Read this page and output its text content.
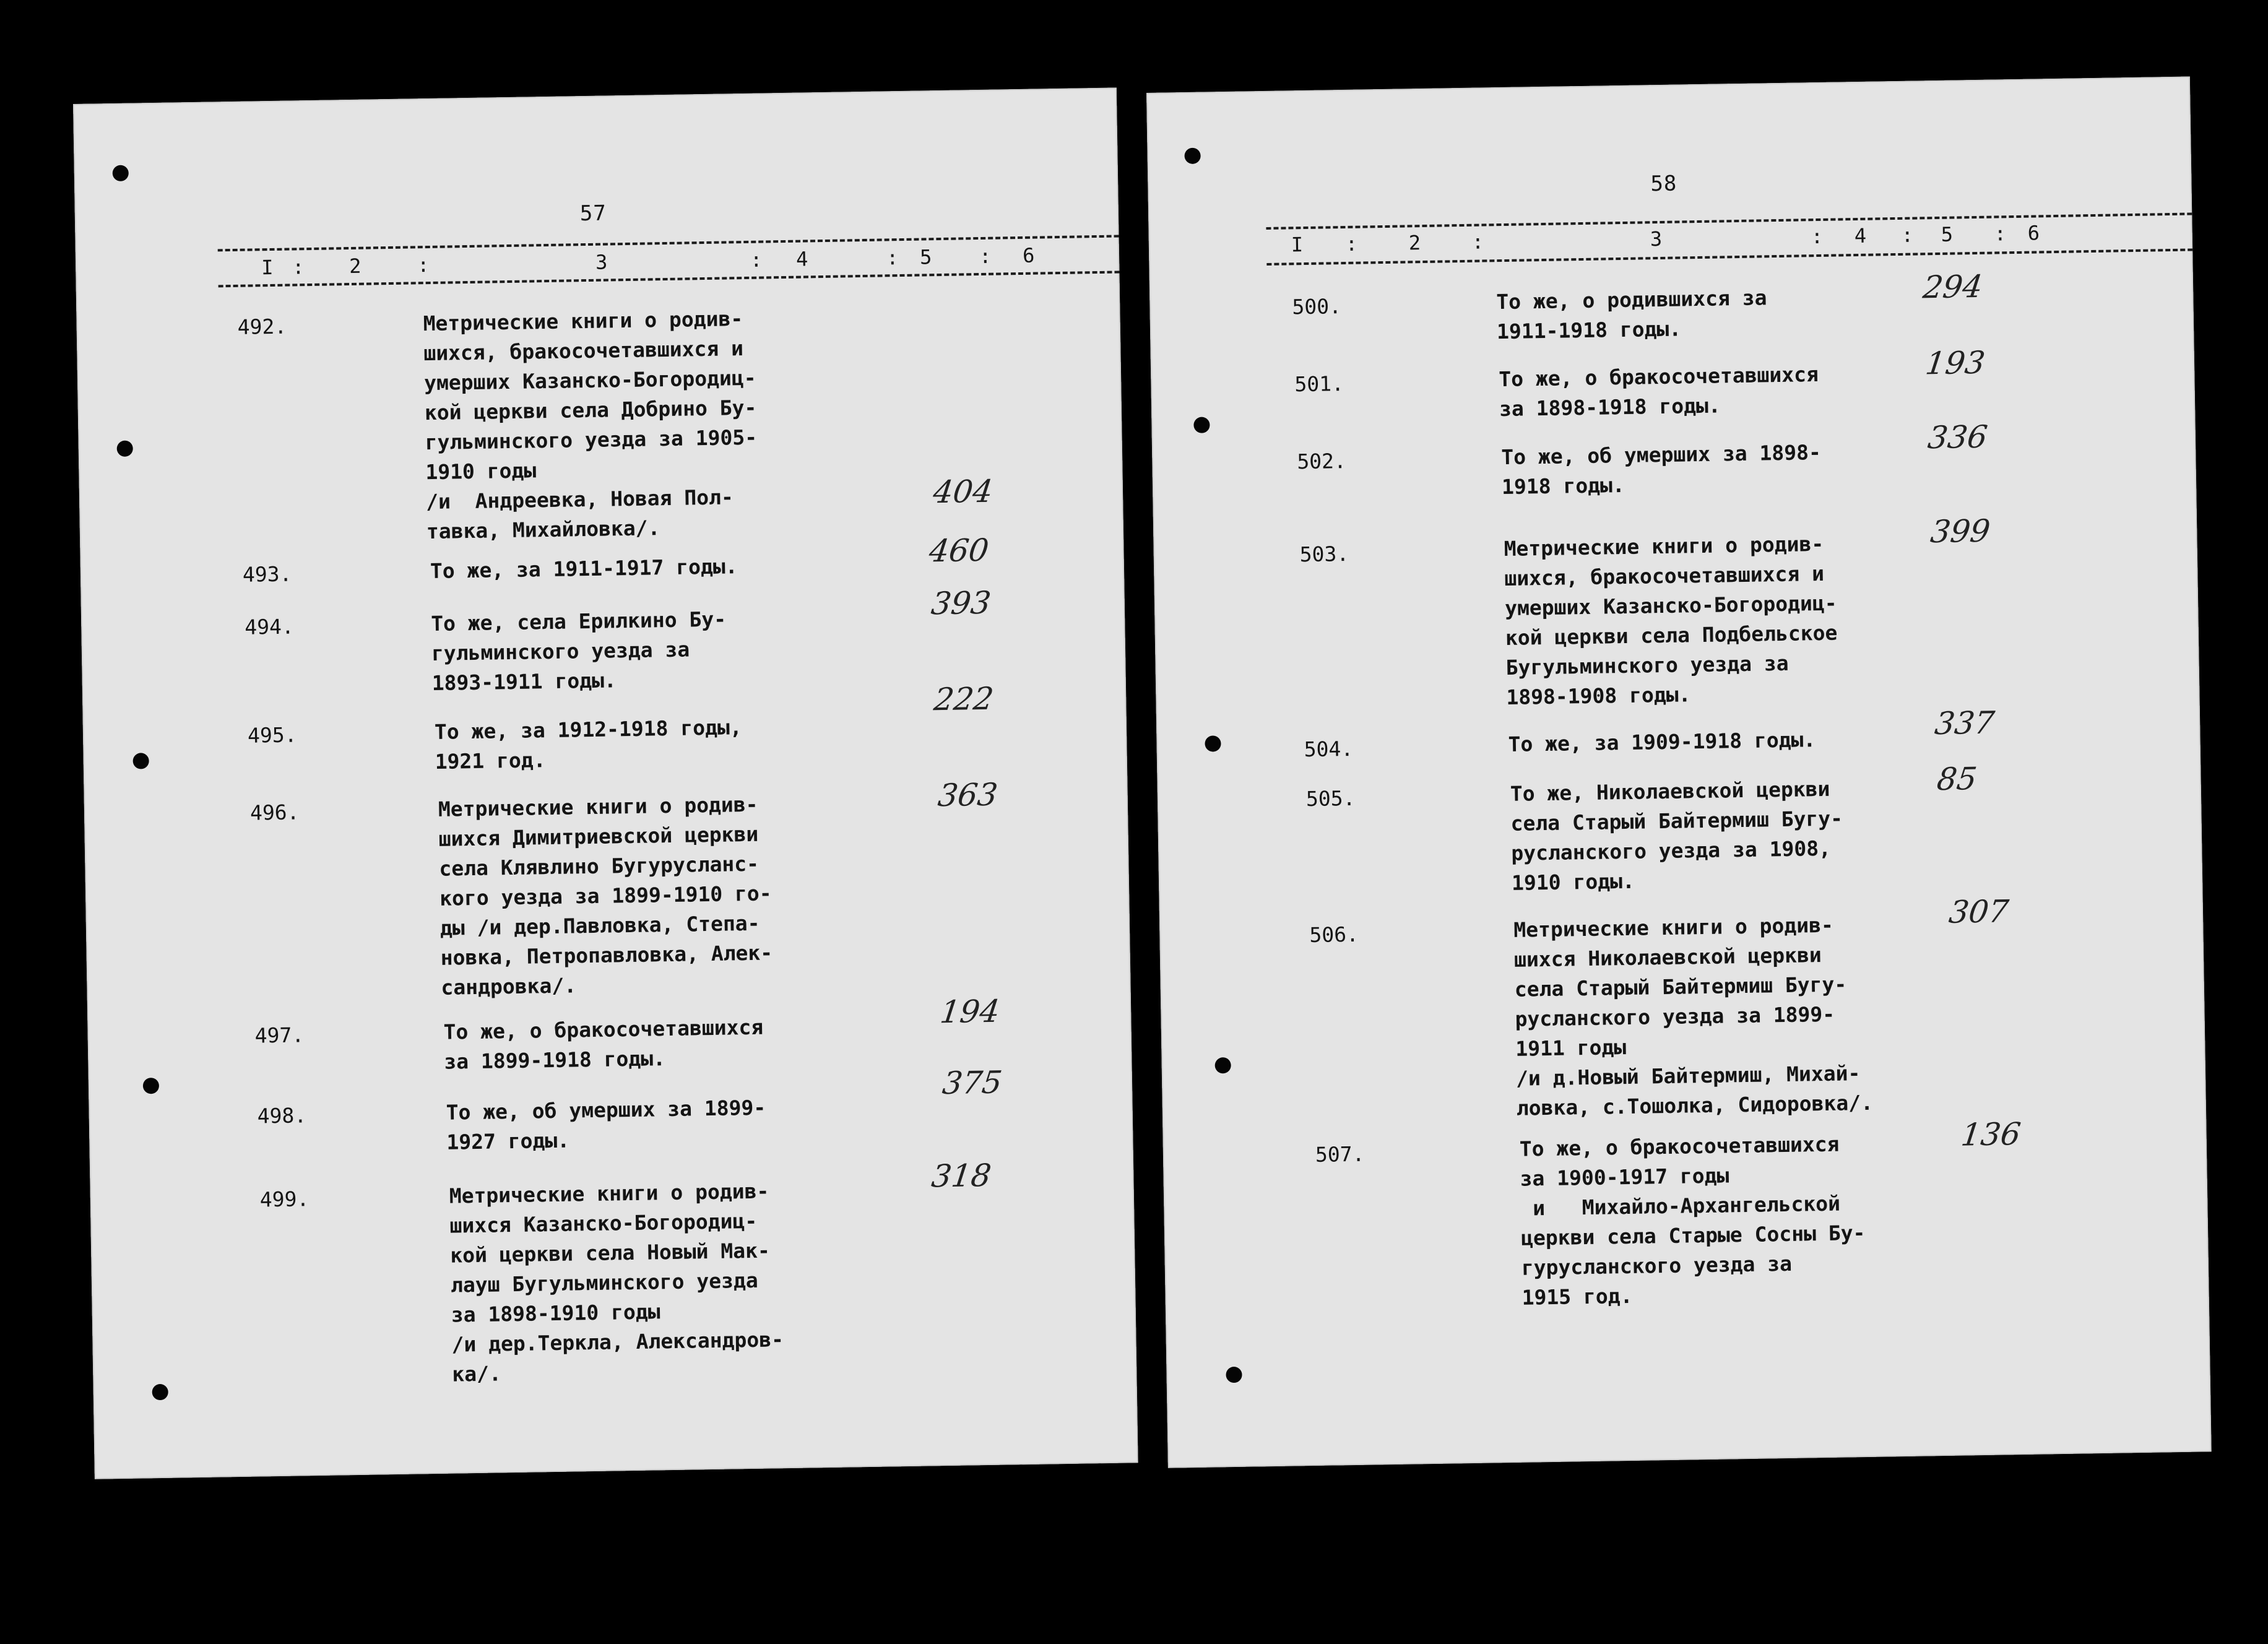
57
I	2	3	4	5	6
:	:	:	:	:
492.	Метрические книги о родив-
шихся, бракосочетавшихся и
умерших Казанско-Богородиц-
кой церкви села Добрино Бу-
гульминского уезда за 1905-
1910 годы
/и  Андреевка, Новая Пол-
тавка, Михайловка/.
404
493.	То же, за 1911-1917 годы.	460
494.	То же, села Ерилкино Бу-
гульминского уезда за
1893-1911 годы.
393
495.	То же, за 1912-1918 годы,
1921 год.
222
496.	Метрические книги о родив-
шихся Димитриевской церкви
села Клявлино Бугурусланс-
кого уезда за 1899-1910 го-
ды /и дер.Павловка, Степа-
новка, Петропавловка, Алек-
сандровка/.
363
497.	То же, о бракосочетавшихся
за 1899-1918 годы.
194
498.	То же, об умерших за 1899-
1927 годы.
375
499.	Метрические книги о родив-
шихся Казанско-Богородиц-
кой церкви села Новый Мак-
лауш Бугульминского уезда
за 1898-1910 годы
/и дер.Теркла, Александров-
ка/.
318
58
I	2	3	4	5	6
:	:	:	:	:
500.	То же, о родившихся за
1911-1918 годы.
294
501.	То же, о бракосочетавшихся
за 1898-1918 годы.
193
502.	То же, об умерших за 1898-
1918 годы.
336
503.	Метрические книги о родив-
шихся, бракосочетавшихся и
умерших Казанско-Богородиц-
кой церкви села Подбельское
Бугульминского уезда за
1898-1908 годы.
399
504.	То же, за 1909-1918 годы.
337
505.	То же, Николаевской церкви
села Старый Байтермиш Бугу-
русланского уезда за 1908,
1910 годы.
85
506.	Метрические книги о родив-
шихся Николаевской церкви
села Старый Байтермиш Бугу-
русланского уезда за 1899-
1911 годы
/и д.Новый Байтермиш, Михай-
ловка, с.Тошолка, Сидоровка/.
307
507.	То же, о бракосочетавшихся
за 1900-1917 годы
и   Михайло-Архангельской
церкви села Старые Сосны Бу-
гурусланского уезда за
1915 год.
136
